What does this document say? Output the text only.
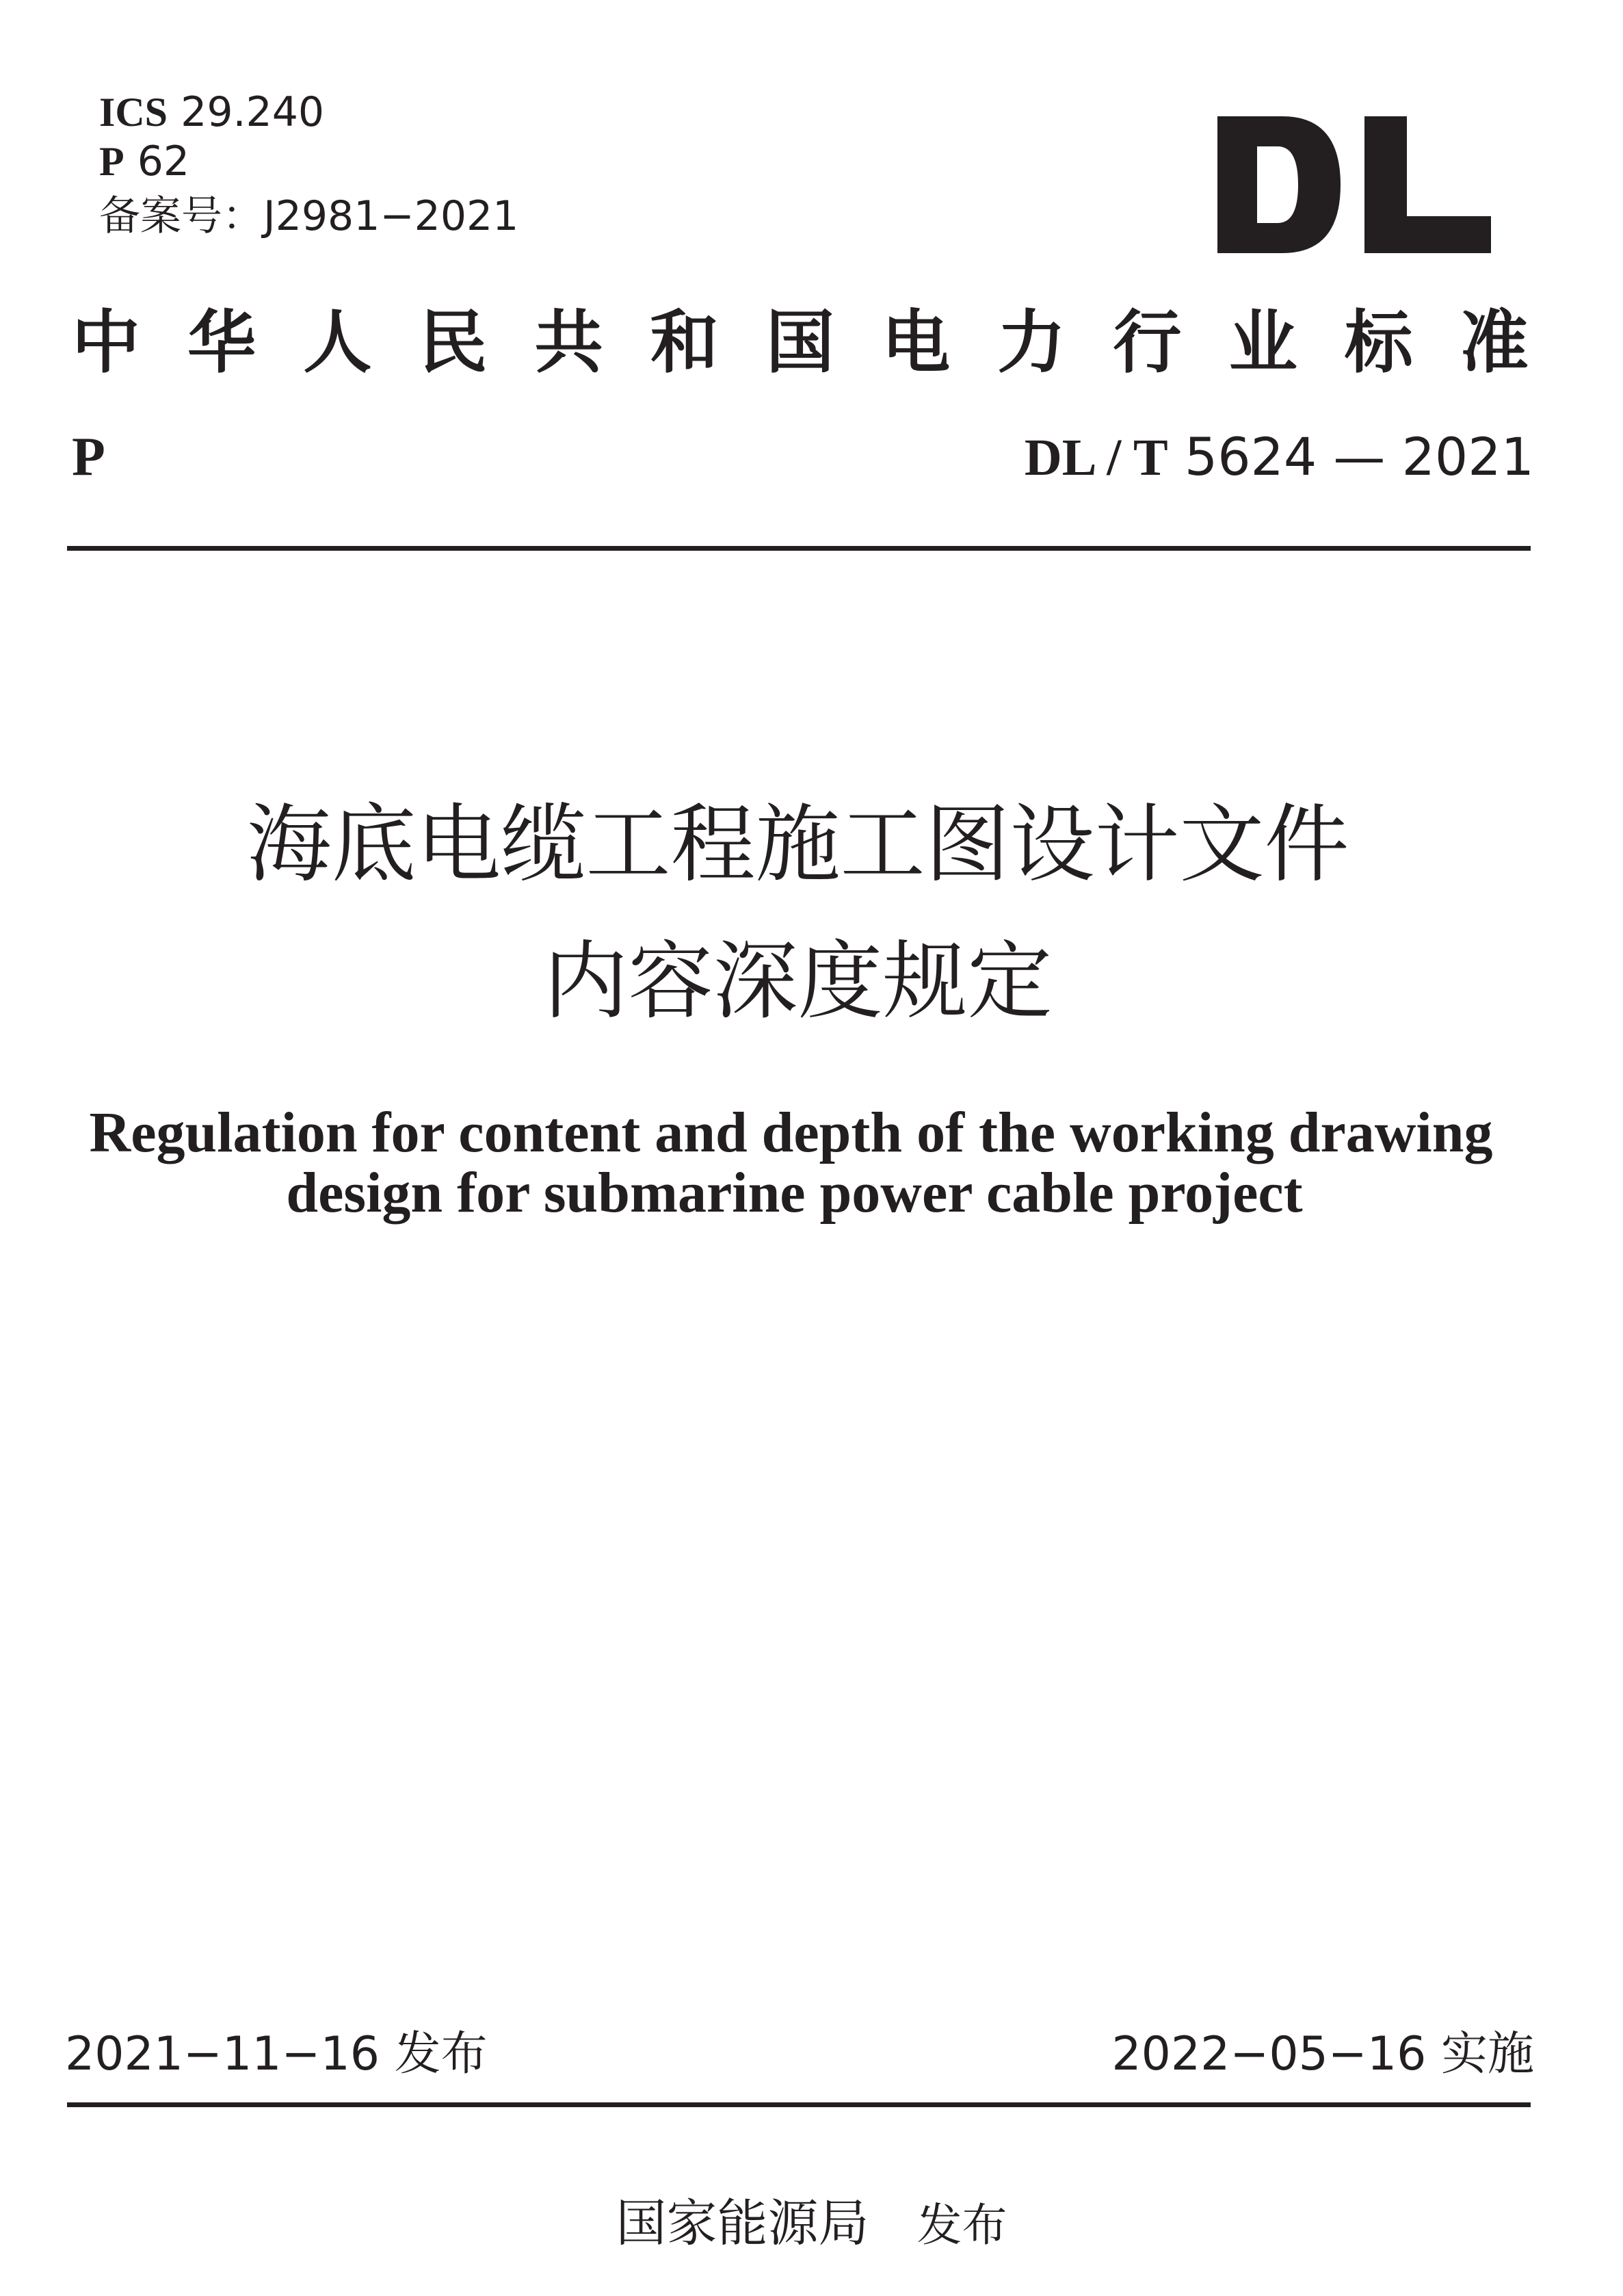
ICS 29.240
P 62
备案号：J2981−2021
中 华 人 民 共 和 国 电 力 行 业 标 准
P	DL / T 5624 — 2021
海底电缆工程施工图设计文件
内容深度规定
Regulation for content and depth of the working drawing
design for submarine power cable project
2021−11−16 发布	2022−05−16 实施
国家能源局 发布
